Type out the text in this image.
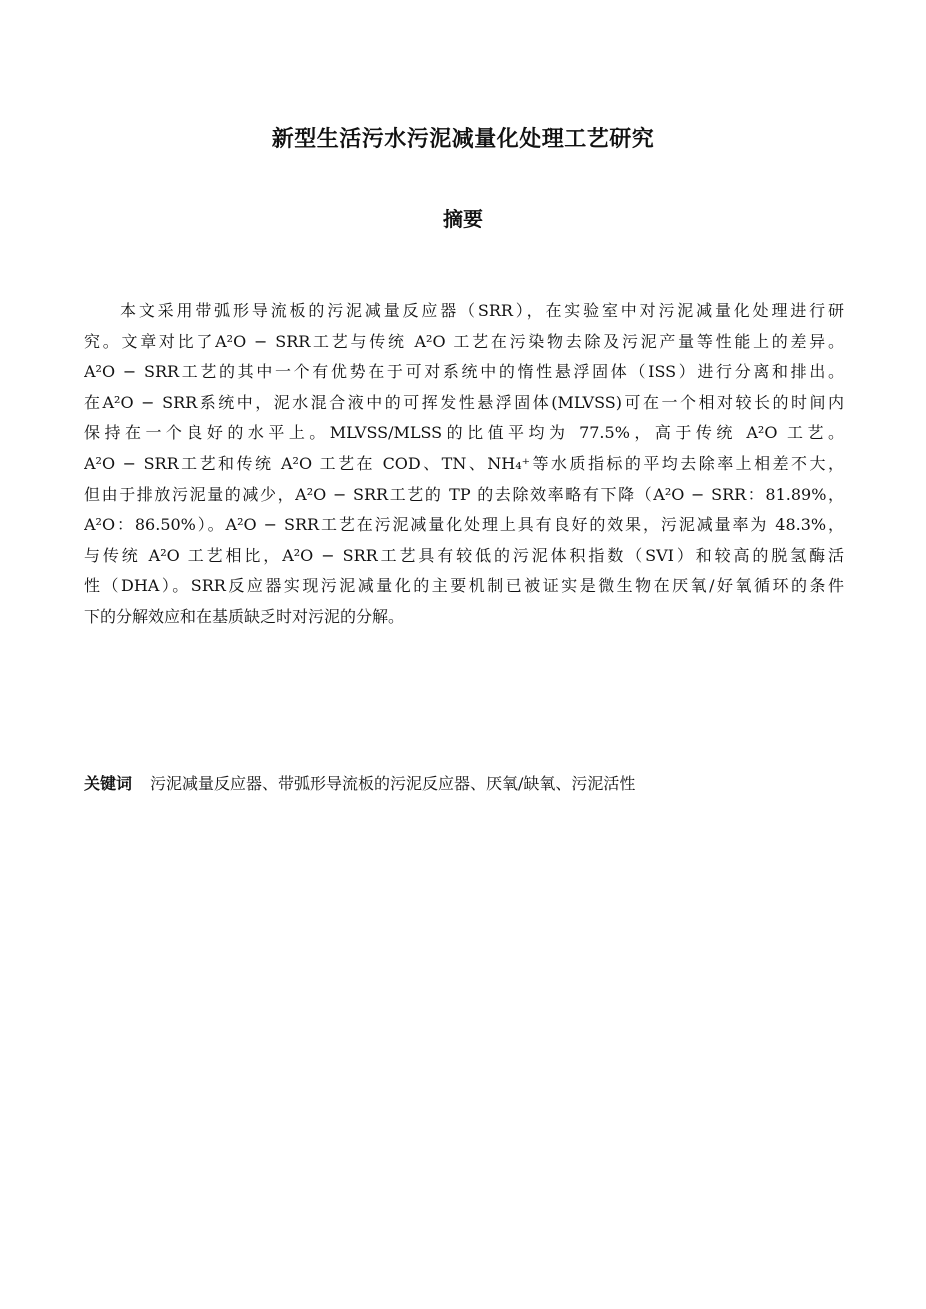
新型生活污水污泥减量化处理工艺研究
摘要
本文采用带弧形导流板的污泥减量反应器（SRR），在实验室中对污泥减量化处理进行研
究。文章对比了A²O − SRR工艺与传统 A²O 工艺在污染物去除及污泥产量等性能上的差异。
A²O − SRR工艺的其中一个有优势在于可对系统中的惰性悬浮固体（ISS）进行分离和排出。
在A²O − SRR系统中，泥水混合液中的可挥发性悬浮固体(MLVSS)可在一个相对较长的时间内
保持在一个良好的水平上。MLVSS/MLSS的比值平均为 77.5%，高于传统 A²O 工艺。
A²O − SRR工艺和传统 A²O 工艺在 COD、TN、NH₄⁺等水质指标的平均去除率上相差不大，
但由于排放污泥量的减少，A²O − SRR工艺的 TP 的去除效率略有下降（A²O − SRR：81.89%，
A²O：86.50%）。A²O − SRR工艺在污泥减量化处理上具有良好的效果，污泥减量率为 48.3%，
与传统 A²O 工艺相比，A²O − SRR工艺具有较低的污泥体积指数（SVI）和较高的脱氢酶活
性（DHA）。SRR反应器实现污泥减量化的主要机制已被证实是微生物在厌氧/好氧循环的条件
下的分解效应和在基质缺乏时对污泥的分解。
关键词 污泥减量反应器、带弧形导流板的污泥反应器、厌氧/缺氧、污泥活性
